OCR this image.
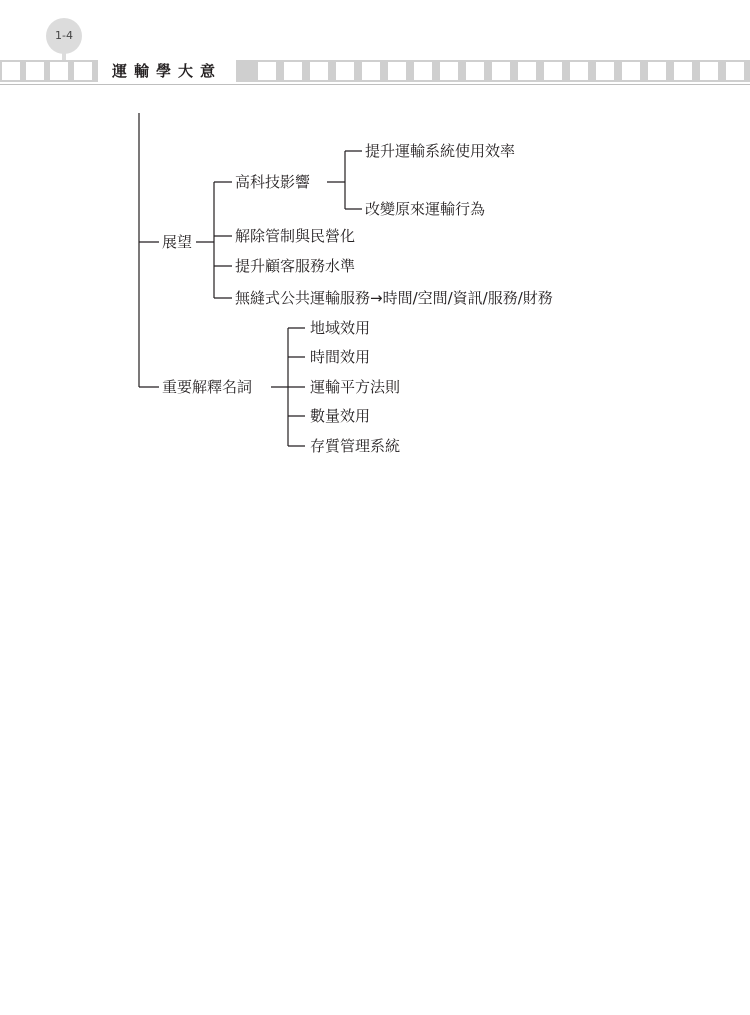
1-4
運輸學大意
展望
高科技影響
提升運輸系統使用效率
改變原來運輸行為
解除管制與民營化
提升顧客服務水準
無縫式公共運輸服務→時間/空間/資訊/服務/財務
重要解釋名詞
地域效用
時間效用
運輸平方法則
數量效用
存質管理系統
